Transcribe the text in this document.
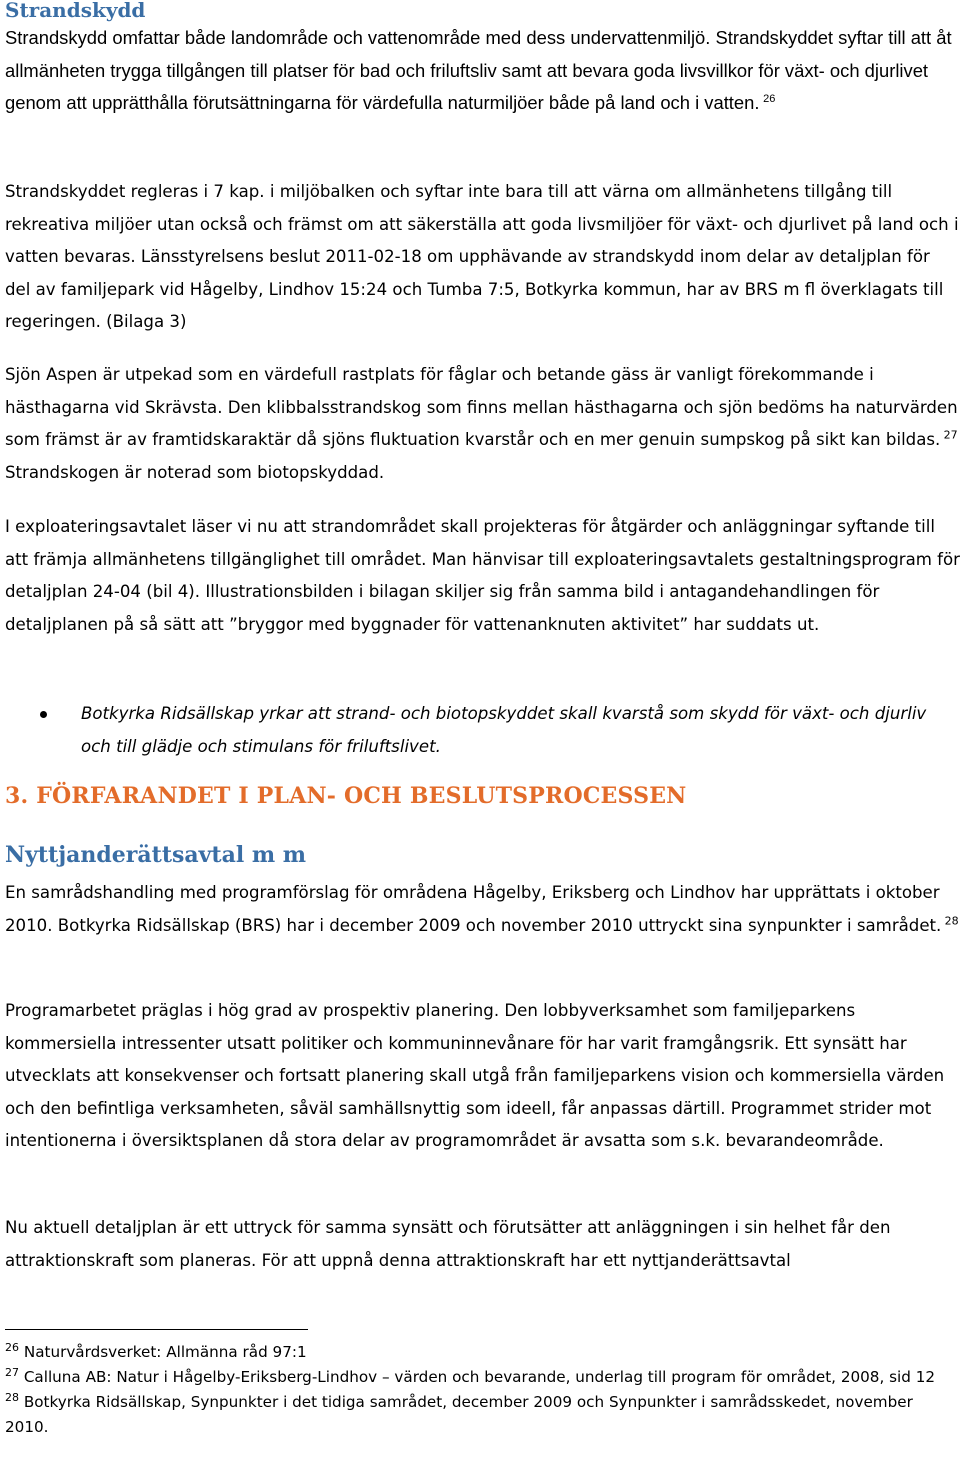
Strandskydd

Strandskydd omfattar både landområde och vattenområde med dess undervattenmiljö. Strandskyddet syftar till att åt allmänheten trygga tillgången till platser för bad och friluftsliv samt att bevara goda livsvillkor för växt- och djurlivet genom att upprätthålla förutsättningarna för värdefulla naturmiljöer både på land och i vatten.  $^{26}$

Strandskyddet regleras i 7 kap. i miljöbalken och syftar inte bara till att värna om allmänhetens tillgång till rekreativa miljöer utan också och främst om att säkerställa att goda livsmiljöer för växt- och djurlivet på land och i vatten bevaras. Länsstyrelsens beslut 2011-02-18 om upphävande av strandskydd inom delar av detaljplan för del av familjepark vid Hågelby, Lindhov 15:24 och Tumba 7:5, Botkyrka kommun, har av BRS m fl överklagats till regeringen. (Bilaga 3)

Sjön Aspen är utpekad som en värdefull rastplats för fåglar och betande gäss är vanligt förekommande i hästhagarna vid Skrävsta. Den klibbalsstrandskog som finns mellan hästhagarna och sjön bedöms ha naturvärden som främst är av framtidskaraktär då sjöns fluktuation kvarstår och en mer genuin sumpskog på sikt kan bildas.  $^{27}$ Strandskogen är noterad som biotopskyddad.

I exploateringsavtalet läser vi nu att strandområdet skall projekteras för åtgärder och anläggningar syftande till att främja allmänhetens tillgänglighet till området. Man hänvisar till exploateringsavtalets gestaltningsprogram för detaljplan 24-04 (bil 4). Illustrationsbilden i bilagan skiljer sig från samma bild i antagandehandlingen för detaljplanen på så sätt att ”bryggor med byggnader för vattenanknuten aktivitet” har suddats ut.

Botkyrka Ridsällskap yrkar att strand- och biotopskyddet skall kvarstå som skydd för växt- och djurliv och till glädje och stimulans för friluftslivet.

3. FÖRFARANDET I PLAN- OCH BESLUTSPROCESSEN
Nyttjanderättsavtal m m

En samrådshandling med programförslag för områdena Hågelby, Eriksberg och Lindhov har upprättats i oktober 2010. Botkyrka Ridsällskap (BRS) har i december 2009 och november 2010 uttryckt sina synpunkter i samrådet.  $^{28}$

Programarbetet präglas i hög grad av prospektiv planering. Den lobbyverksamhet som familjeparkens kommersiella intressenter utsatt politiker och kommuninnevånare för har varit framgångsrik. Ett synsätt har utvecklats att konsekvenser och fortsatt planering skall utgå från familjeparkens vision och kommersiella värden och den befintliga verksamheten, såväl samhällsnyttig som ideell, får anpassas därtill. Programmet strider mot intentionerna i översiktsplanen då stora delar av programområdet är avsatta som s.k. bevarandeområde.

Nu aktuell detaljplan är ett uttryck för samma synsätt och förutsätter att anläggningen i sin helhet får den attraktionskraft som planeras. För att uppnå denna attraktionskraft har ett nyttjanderättsavtal

$^{26}$ Naturvårdsverket: Allmänna råd 97:1
$^{27}$ Calluna AB: Natur i Hågelby-Eriksberg-Lindhov – värden och bevarande, underlag till program för området, 2008, sid 12
$^{28}$ Botkyrka Ridsällskap, Synpunkter i det tidiga samrådet, december 2009 och Synpunkter i samrådsskedet, november 2010.
